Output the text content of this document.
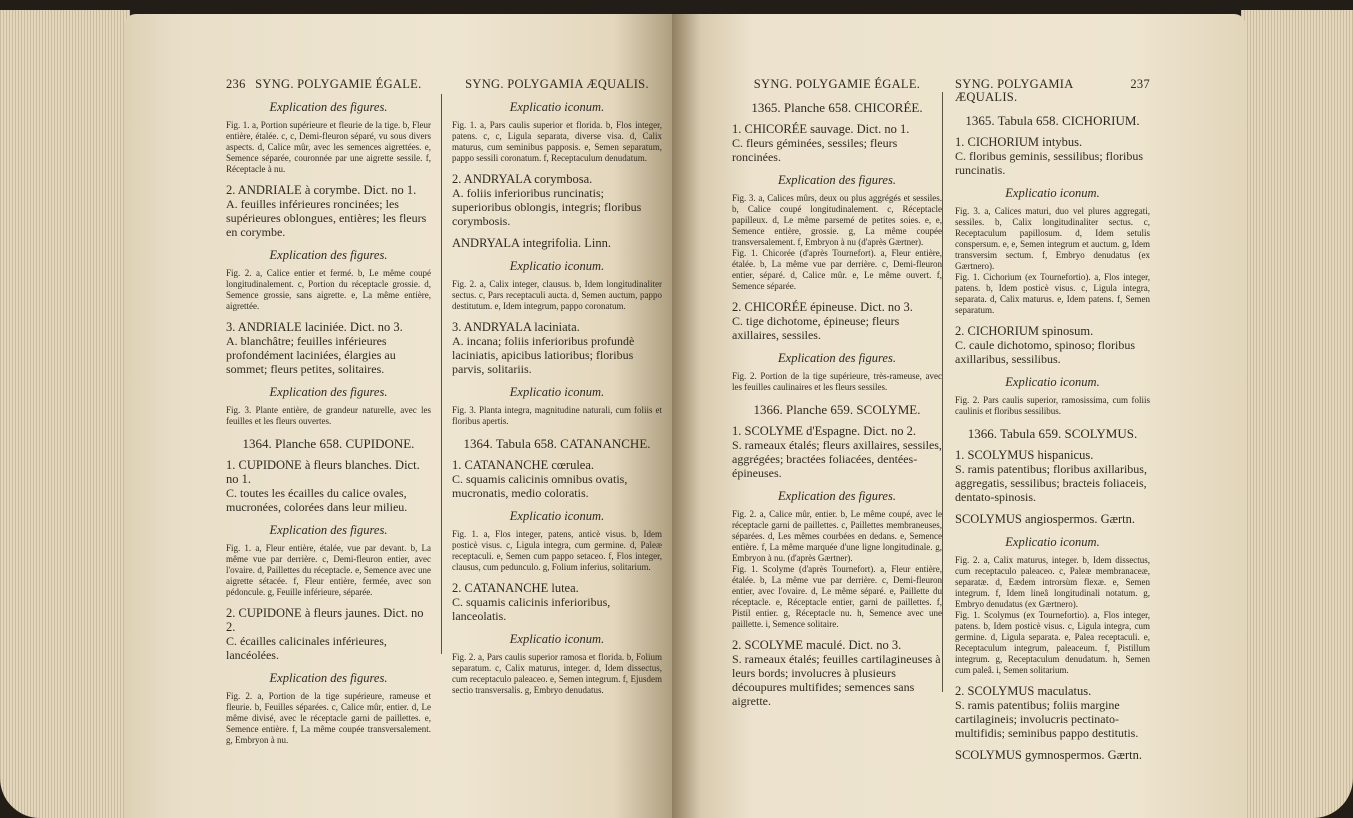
236 SYNG. POLYGAMIE ÉGALE.
Explication des figures.
Fig. 1. a, Portion supérieure et fleurie de la tige. b, Fleur entière, étalée. c, c, Demi-fleuron séparé, vu sous divers aspects. d, Calice mûr, avec les semences aigrettées. e, Semence séparée, couronnée par une aigrette sessile. f, Réceptacle à nu.
2. ANDRIALE à corymbe. Dict. no 1.
A. feuilles inférieures roncinées; les supérieures oblongues, entières; les fleurs en corymbe.
Explication des figures.
Fig. 2. a, Calice entier et fermé. b, Le même coupé longitudinalement. c, Portion du réceptacle grossie. d, Semence grossie, sans aigrette. e, La même entière, aigrettée.
3. ANDRIALE laciniée. Dict. no 3.
A. blanchâtre; feuilles inférieures profondément laciniées, élargies au sommet; fleurs petites, solitaires.
Explication des figures.
Fig. 3. Plante entière, de grandeur naturelle, avec les feuilles et les fleurs ouvertes.
1364. Planche 658. CUPIDONE.
1. CUPIDONE à fleurs blanches. Dict. no 1.
C. toutes les écailles du calice ovales, mucronées, colorées dans leur milieu.
Explication des figures.
Fig. 1. a, Fleur entière, étalée, vue par devant. b, La même vue par derrière. c, Demi-fleuron entier, avec l'ovaire. d, Paillettes du réceptacle. e, Semence avec une aigrette sétacée. f, Fleur entière, fermée, avec son pédoncule. g, Feuille inférieure, séparée.
2. CUPIDONE à fleurs jaunes. Dict. no 2.
C. écailles calicinales inférieures, lancéolées.
Explication des figures.
Fig. 2. a, Portion de la tige supérieure, rameuse et fleurie. b, Feuilles séparées. c, Calice mûr, entier. d, Le même divisé, avec le réceptacle garni de paillettes. e, Semence entière. f, La même coupée transversalement. g, Embryon à nu.
SYNG. POLYGAMIA ÆQUALIS.
Explicatio iconum.
Fig. 1. a, Pars caulis superior et florida. b, Flos integer, patens. c, c, Ligula separata, diverse visa. d, Calix maturus, cum seminibus papposis. e, Semen separatum, pappo sessili coronatum. f, Receptaculum denudatum.
2. ANDRYALA corymbosa.
A. foliis inferioribus runcinatis; superioribus oblongis, integris; floribus corymbosis.
ANDRYALA integrifolia. Linn.
Explicatio iconum.
Fig. 2. a, Calix integer, clausus. b, Idem longitudinaliter sectus. c, Pars receptaculi aucta. d, Semen auctum, pappo destitutum. e, Idem integrum, pappo coronatum.
3. ANDRYALA laciniata.
A. incana; foliis inferioribus profundè laciniatis, apicibus latioribus; floribus parvis, solitariis.
Explicatio iconum.
Fig. 3. Planta integra, magnitudine naturali, cum foliis et floribus apertis.
1364. Tabula 658. CATANANCHE.
1. CATANANCHE cœrulea.
C. squamis calicinis omnibus ovatis, mucronatis, medio coloratis.
Explicatio iconum.
Fig. 1. a, Flos integer, patens, anticè visus. b, Idem posticè visus. c, Ligula integra, cum germine. d, Paleæ receptaculi. e, Semen cum pappo setaceo. f, Flos integer, clausus, cum pedunculo. g, Folium inferius, solitarium.
2. CATANANCHE lutea.
C. squamis calicinis inferioribus, lanceolatis.
Explicatio iconum.
Fig. 2. a, Pars caulis superior ramosa et florida. b, Folium separatum. c, Calix maturus, integer. d, Idem dissectus, cum receptaculo paleaceo. e, Semen integrum. f, Ejusdem sectio transversalis. g, Embryo denudatus.
SYNG. POLYGAMIE ÉGALE.
1365. Planche 658. CHICORÉE.
1. CHICORÉE sauvage. Dict. no 1.
C. fleurs géminées, sessiles; fleurs roncinées.
Explication des figures.
Fig. 3. a, Calices mûrs, deux ou plus aggrégés et sessiles. b, Calice coupé longitudinalement. c, Réceptacle papilleux. d, Le même parsemé de petites soies. e, e, Semence entière, grossie. g, La même coupée transversalement. f, Embryon à nu (d'après Gærtner).
Fig. 1. Chicorée (d'après Tournefort). a, Fleur entière, étalée. b, La même vue par derrière. c, Demi-fleuron entier, séparé. d, Calice mûr. e, Le même ouvert. f, Semence séparée.
2. CHICORÉE épineuse. Dict. no 3.
C. tige dichotome, épineuse; fleurs axillaires, sessiles.
Explication des figures.
Fig. 2. Portion de la tige supérieure, très-rameuse, avec les feuilles caulinaires et les fleurs sessiles.
1366. Planche 659. SCOLYME.
1. SCOLYME d'Espagne. Dict. no 2.
S. rameaux étalés; fleurs axillaires, sessiles, aggrégées; bractées foliacées, dentées-épineuses.
Explication des figures.
Fig. 2. a, Calice mûr, entier. b, Le même coupé, avec le réceptacle garni de paillettes. c, Paillettes membraneuses, séparées. d, Les mêmes courbées en dedans. e, Semence entière. f, La même marquée d'une ligne longitudinale. g, Embryon à nu. (d'après Gærtner).
Fig. 1. Scolyme (d'après Tournefort). a, Fleur entière, étalée. b, La même vue par derrière. c, Demi-fleuron entier, avec l'ovaire. d, Le même séparé. e, Paillette du réceptacle. e, Réceptacle entier, garni de paillettes. f, Pistil entier. g, Réceptacle nu. h, Semence avec une paillette. i, Semence solitaire.
2. SCOLYME maculé. Dict. no 3.
S. rameaux étalés; feuilles cartilagineuses à leurs bords; involucres à plusieurs découpures multifides; semences sans aigrette.
SYNG. POLYGAMIA ÆQUALIS.
237
1365. Tabula 658. CICHORIUM.
1. CICHORIUM intybus.
C. floribus geminis, sessilibus; floribus runcinatis.
Explicatio iconum.
Fig. 3. a, Calices maturi, duo vel plures aggregati, sessiles. b, Calix longitudinaliter sectus. c, Receptaculum papillosum. d, Idem setulis conspersum. e, e, Semen integrum et auctum. g, Idem transversim sectum. f, Embryo denudatus (ex Gærtnero).
Fig. 1. Cichorium (ex Tournefortio). a, Flos integer, patens. b, Idem posticè visus. c, Ligula integra, separata. d, Calix maturus. e, Idem patens. f, Semen separatum.
2. CICHORIUM spinosum.
C. caule dichotomo, spinoso; floribus axillaribus, sessilibus.
Explicatio iconum.
Fig. 2. Pars caulis superior, ramosissima, cum foliis caulinis et floribus sessilibus.
1366. Tabula 659. SCOLYMUS.
1. SCOLYMUS hispanicus.
S. ramis patentibus; floribus axillaribus, aggregatis, sessilibus; bracteis foliaceis, dentato-spinosis.
SCOLYMUS angiospermos. Gærtn.
Explicatio iconum.
Fig. 2. a, Calix maturus, integer. b, Idem dissectus, cum receptaculo paleaceo. c, Paleæ membranaceæ, separatæ. d, Eædem introrsùm flexæ. e, Semen integrum. f, Idem lineâ longitudinali notatum. g, Embryo denudatus (ex Gærtnero).
Fig. 1. Scolymus (ex Tournefortio). a, Flos integer, patens. b, Idem posticè visus. c, Ligula integra, cum germine. d, Ligula separata. e, Palea receptaculi. e, Receptaculum integrum, paleaceum. f, Pistillum integrum. g, Receptaculum denudatum. h, Semen cum paleâ. i, Semen solitarium.
2. SCOLYMUS maculatus.
S. ramis patentibus; foliis margine cartilagineis; involucris pectinato-multifidis; seminibus pappo destitutis.
SCOLYMUS gymnospermos. Gærtn.
